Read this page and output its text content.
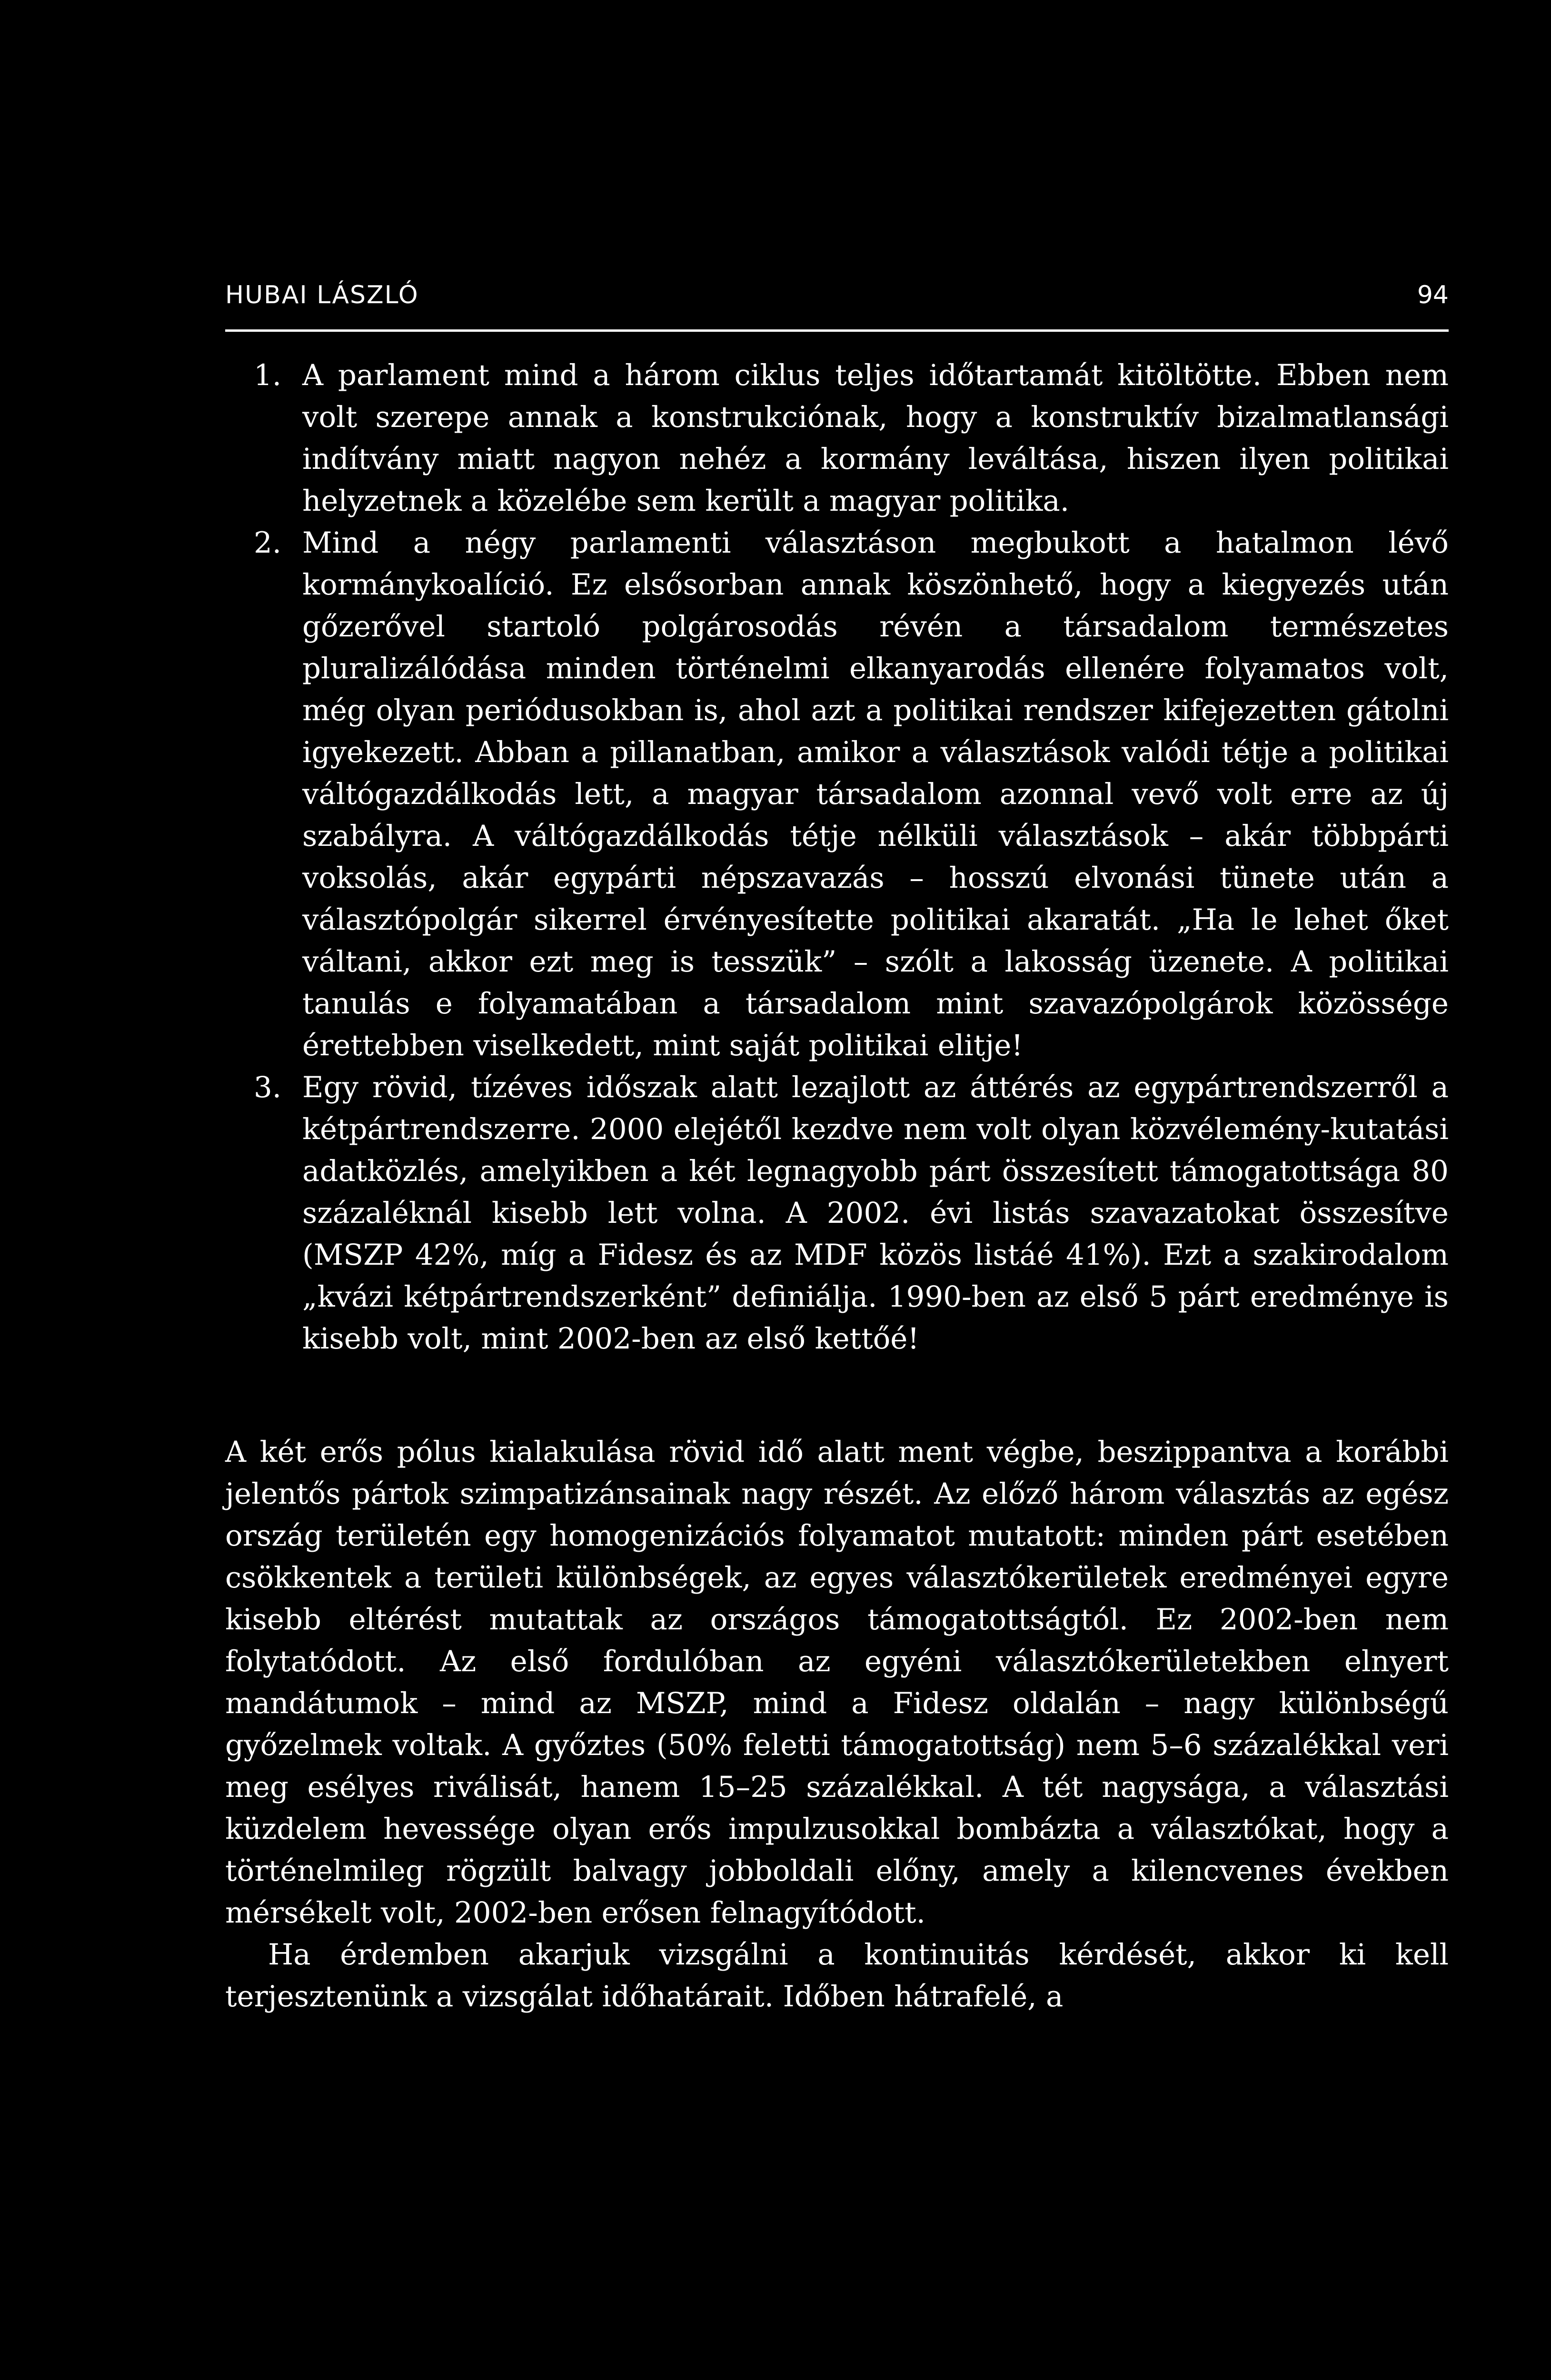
HUBAI LÁSZLÓ	94
1. A parlament mind a három ciklus teljes időtartamát kitöltötte. Ebben nem volt szerepe annak a konstrukciónak, hogy a konstruktív bizalmatlansági indítvány miatt nagyon nehéz a kormány leváltása, hiszen ilyen politikai helyzetnek a közelébe sem került a magyar politika.
2. Mind a négy parlamenti választáson megbukott a hatalmon lévő kormánykoalíció. Ez elsősorban annak köszönhető, hogy a kiegyezés után gőzerővel startoló polgárosodás révén a társadalom természetes pluralizálódása minden történelmi elkanyarodás ellenére folyamatos volt, még olyan periódusokban is, ahol azt a politikai rendszer kifejezetten gátolni igyekezett. Abban a pillanatban, amikor a választások valódi tétje a politikai váltógazdálkodás lett, a magyar társadalom azonnal vevő volt erre az új szabályra. A váltógazdálkodás tétje nélküli választások – akár többpárti voksolás, akár egypárti népszavazás – hosszú elvonási tünete után a választópolgár sikerrel érvényesítette politikai akaratát. „Ha le lehet őket váltani, akkor ezt meg is tesszük” – szólt a lakosság üzenete. A politikai tanulás e folyamatában a társadalom mint szavazópolgárok közössége érettebben viselkedett, mint saját politikai elitje!
3. Egy rövid, tízéves időszak alatt lezajlott az áttérés az egypártrendszerről a kétpártrendszerre. 2000 elejétől kezdve nem volt olyan közvélemény-kutatási adatközlés, amelyikben a két legnagyobb párt összesített támogatottsága 80 százaléknál kisebb lett volna. A 2002. évi listás szavazatokat összesítve (MSZP 42%, míg a Fidesz és az MDF közös listáé 41%). Ezt a szakirodalom „kvázi kétpártrendszerként” definiálja. 1990-ben az első 5 párt eredménye is kisebb volt, mint 2002-ben az első kettőé!

A két erős pólus kialakulása rövid idő alatt ment végbe, beszippantva a korábbi jelentős pártok szimpatizánsainak nagy részét. Az előző három választás az egész ország területén egy homogenizációs folyamatot mutatott: minden párt esetében csökkentek a területi különbségek, az egyes választókerületek eredményei egyre kisebb eltérést mutattak az országos támogatottságtól. Ez 2002-ben nem folytatódott. Az első fordulóban az egyéni választókerületekben elnyert mandátumok – mind az MSZP, mind a Fidesz oldalán – nagy különbségű győzelmek voltak. A győztes (50% feletti támogatottság) nem 5–6 százalékkal veri meg esélyes riválisát, hanem 15–25 százalékkal. A tét nagysága, a választási küzdelem hevessége olyan erős impulzusokkal bombázta a választókat, hogy a történelmileg rögzült balvagy jobboldali előny, amely a kilencvenes években mérsékelt volt, 2002-ben erősen felnagyítódott.

Ha érdemben akarjuk vizsgálni a kontinuitás kérdését, akkor ki kell terjesztenünk a vizsgálat időhatárait. Időben hátrafelé, a
